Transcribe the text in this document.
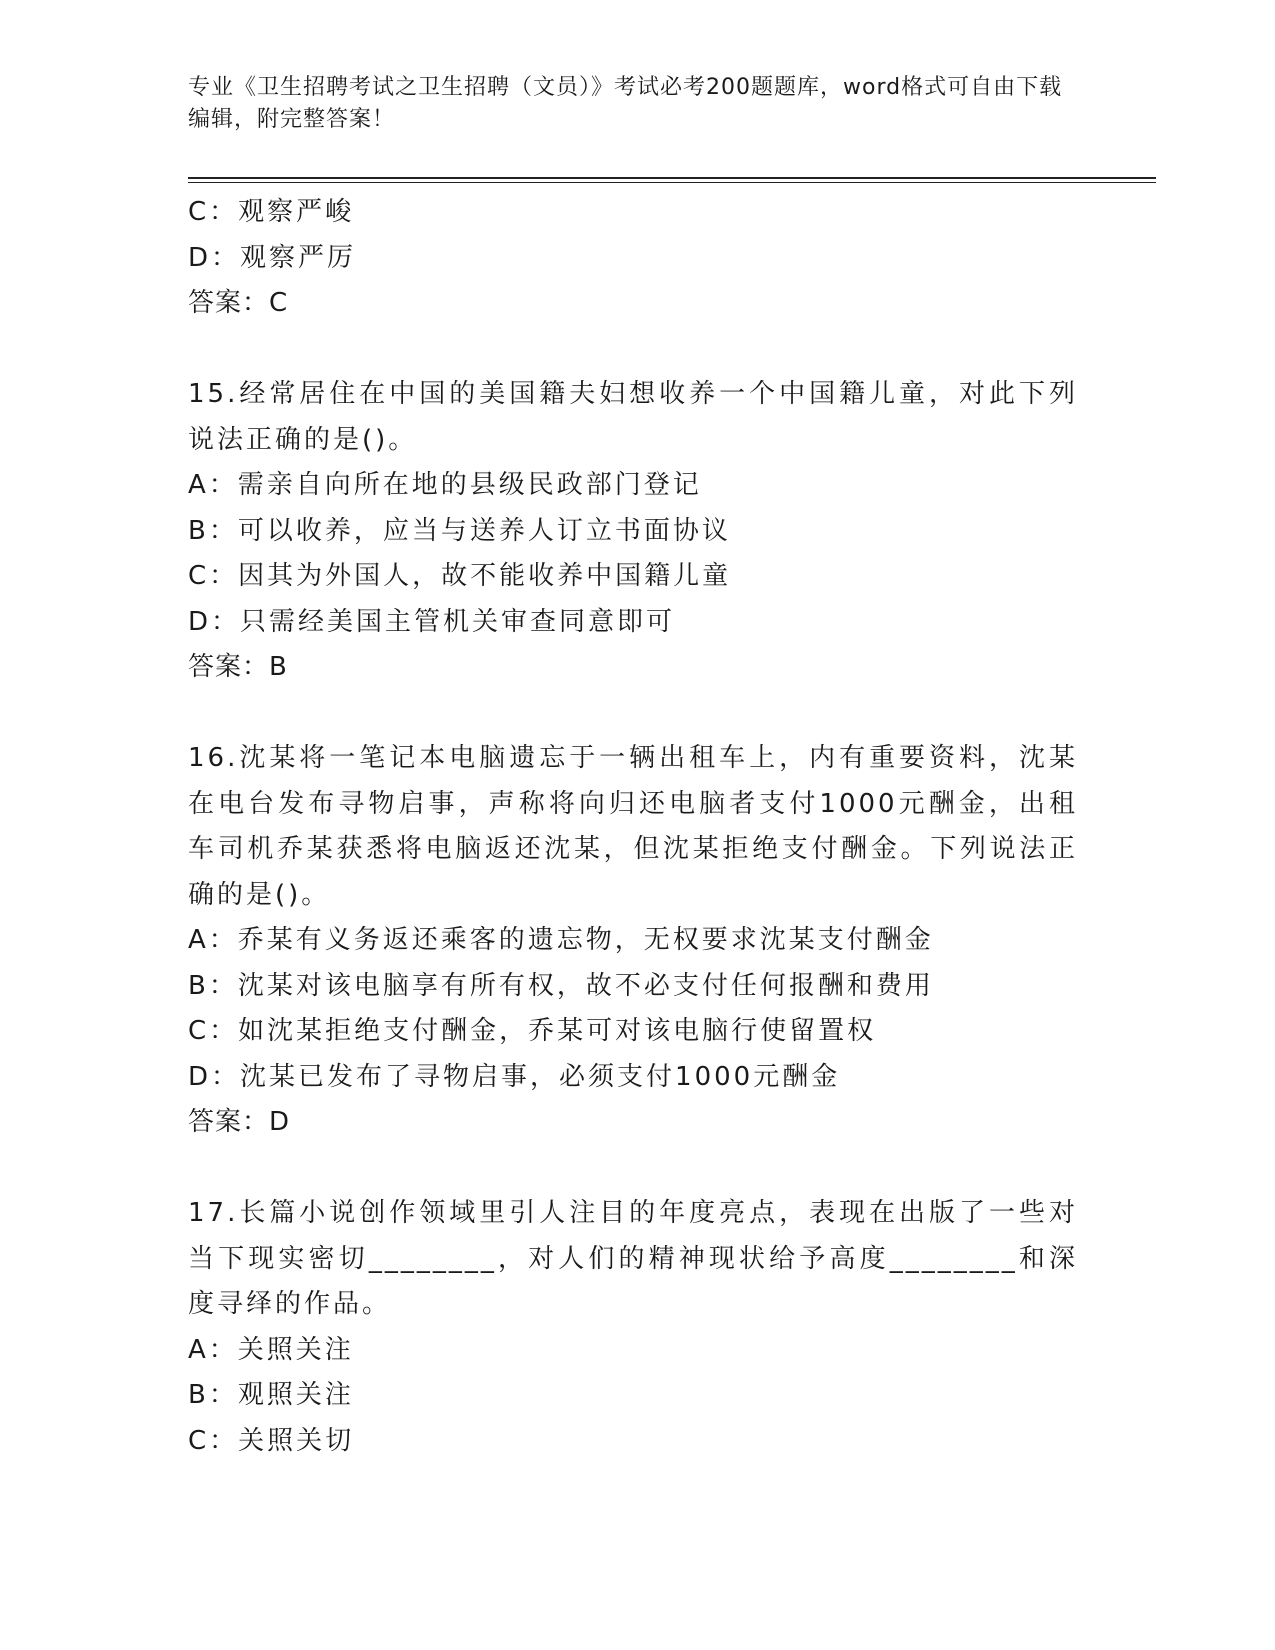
专业《卫生招聘考试之卫生招聘（文员）》考试必考200题题库，word格式可自由下载编辑，附完整答案！
C：观察严峻
D：观察严厉
答案：C
15.经常居住在中国的美国籍夫妇想收养一个中国籍儿童，对此下列说法正确的是()。
A：需亲自向所在地的县级民政部门登记
B：可以收养，应当与送养人订立书面协议
C：因其为外国人，故不能收养中国籍儿童
D：只需经美国主管机关审查同意即可
答案：B
16.沈某将一笔记本电脑遗忘于一辆出租车上，内有重要资料，沈某在电台发布寻物启事，声称将向归还电脑者支付1000元酬金，出租车司机乔某获悉将电脑返还沈某，但沈某拒绝支付酬金。下列说法正确的是()。
A：乔某有义务返还乘客的遗忘物，无权要求沈某支付酬金
B：沈某对该电脑享有所有权，故不必支付任何报酬和费用
C：如沈某拒绝支付酬金，乔某可对该电脑行使留置权
D：沈某已发布了寻物启事，必须支付1000元酬金
答案：D
17.长篇小说创作领域里引人注目的年度亮点，表现在出版了一些对当下现实密切________，对人们的精神现状给予高度________和深度寻绎的作品。
A：关照关注
B：观照关注
C：关照关切
